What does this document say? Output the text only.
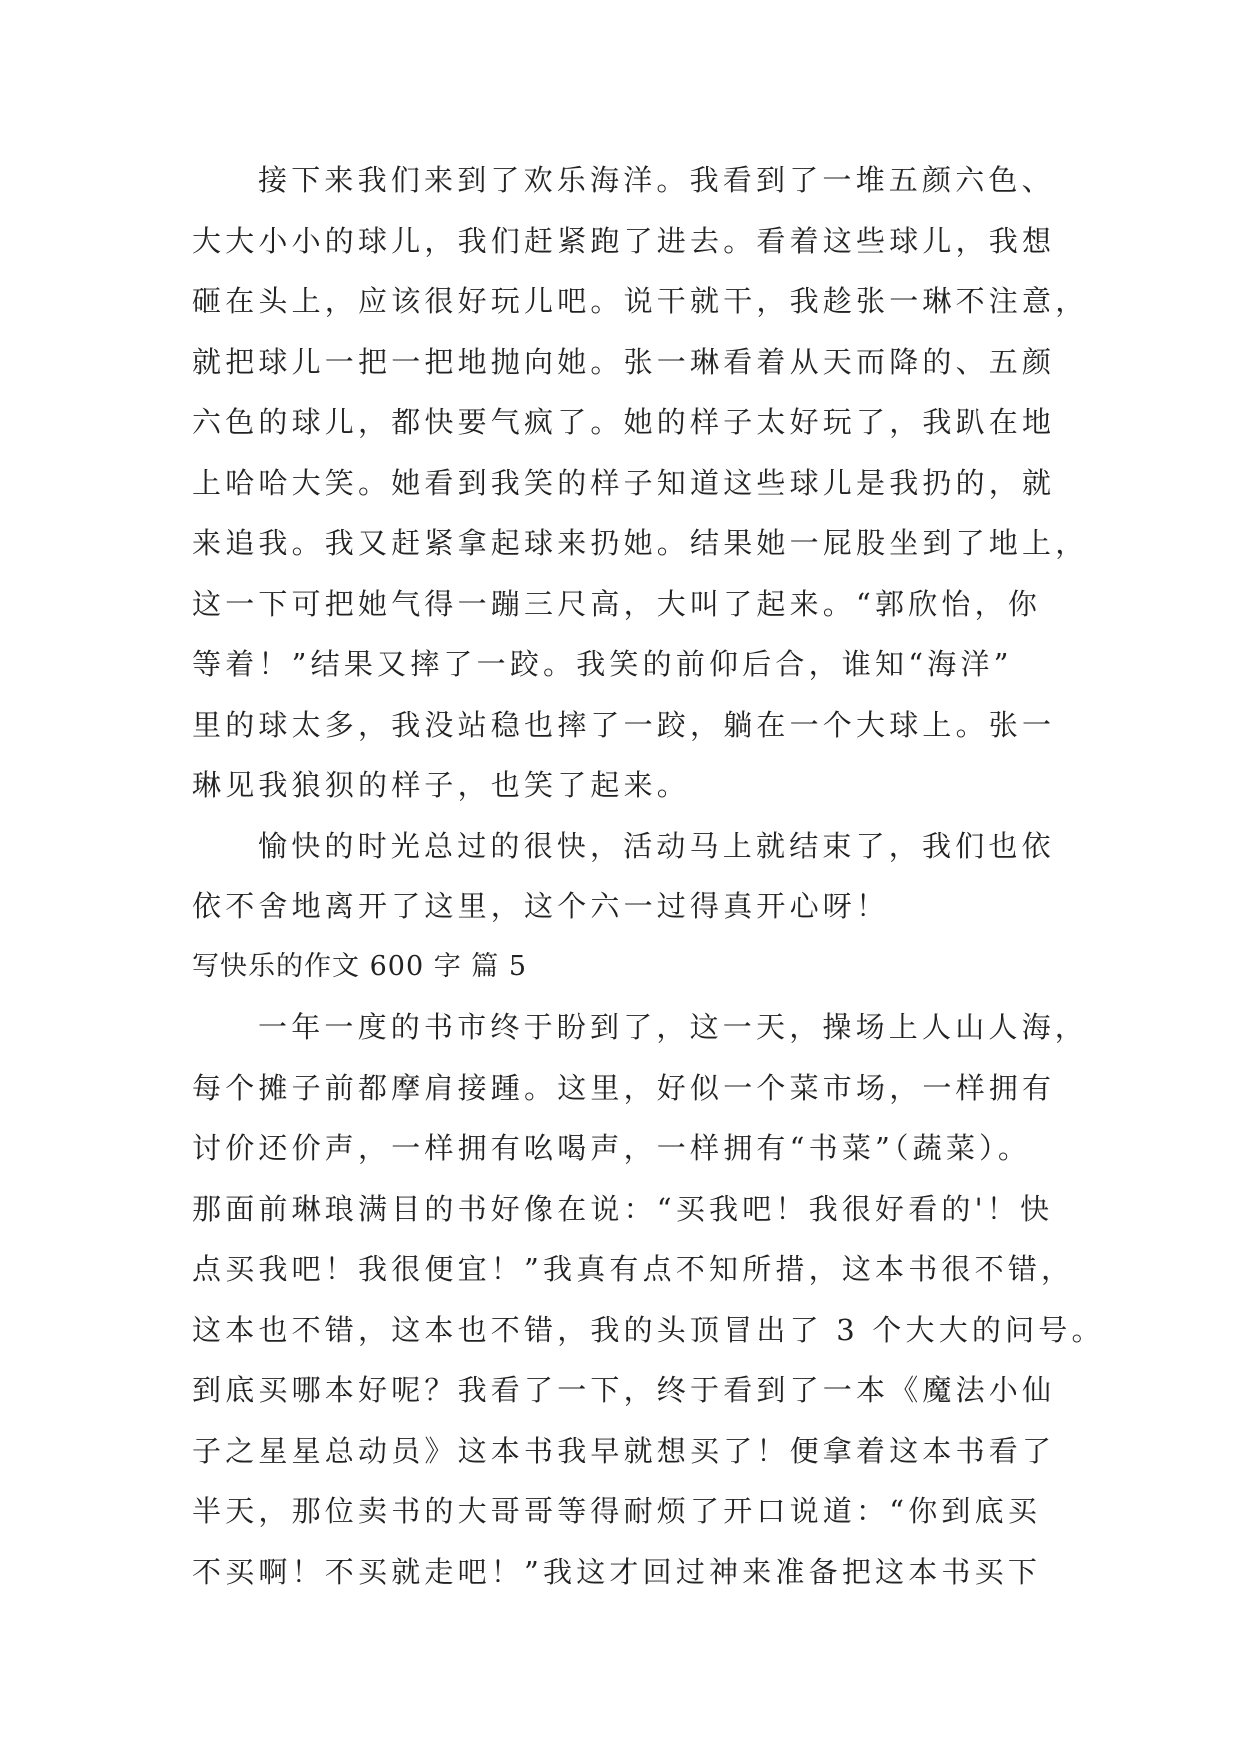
接下来我们来到了欢乐海洋。我看到了一堆五颜六色、
大大小小的球儿，我们赶紧跑了进去。看着这些球儿，我想
砸在头上，应该很好玩儿吧。说干就干，我趁张一琳不注意，
就把球儿一把一把地抛向她。张一琳看着从天而降的、五颜
六色的球儿，都快要气疯了。她的样子太好玩了，我趴在地
上哈哈大笑。她看到我笑的样子知道这些球儿是我扔的，就
来追我。我又赶紧拿起球来扔她。结果她一屁股坐到了地上，
这一下可把她气得一蹦三尺高，大叫了起来。“郭欣怡，你
等着！”结果又摔了一跤。我笑的前仰后合，谁知“海洋”
里的球太多，我没站稳也摔了一跤，躺在一个大球上。张一
琳见我狼狈的样子，也笑了起来。
愉快的时光总过的很快，活动马上就结束了，我们也依
依不舍地离开了这里，这个六一过得真开心呀！
写快乐的作文 600 字 篇 5
一年一度的书市终于盼到了，这一天，操场上人山人海，
每个摊子前都摩肩接踵。这里，好似一个菜市场，一样拥有
讨价还价声，一样拥有吆喝声，一样拥有“书菜”（蔬菜）。
那面前琳琅满目的书好像在说：“买我吧！我很好看的'！快
点买我吧！我很便宜！”我真有点不知所措，这本书很不错，
这本也不错，这本也不错，我的头顶冒出了 3 个大大的问号。
到底买哪本好呢？我看了一下，终于看到了一本《魔法小仙
子之星星总动员》这本书我早就想买了！便拿着这本书看了
半天，那位卖书的大哥哥等得耐烦了开口说道：“你到底买
不买啊！不买就走吧！”我这才回过神来准备把这本书买下
